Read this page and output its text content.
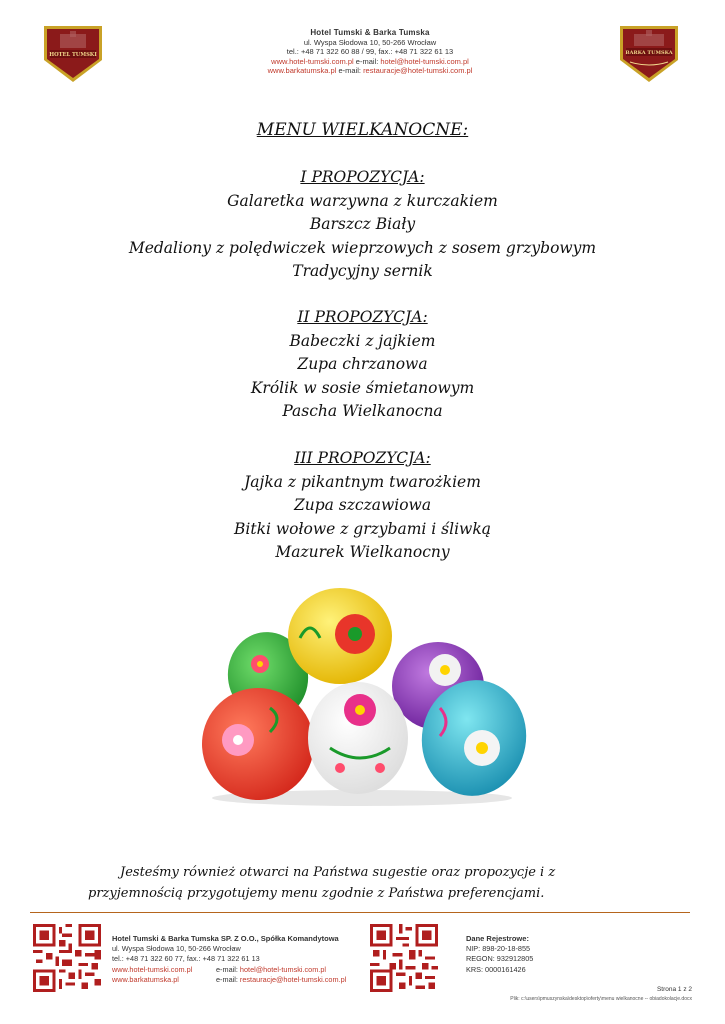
HOTEL TUMSKI	BARKA TUMSKA
Hotel Tumski & Barka Tumska
ul. Wyspa Słodowa 10, 50-266 Wrocław
tel.: +48 71 322 60 88 / 99, fax.: +48 71 322 61 13
www.hotel-tumski.com.pl e-mail: hotel@hotel-tumski.com.pl
www.barkatumska.pl e-mail: restauracje@hotel-tumski.com.pl
MENU WIELKANOCNE:
I PROPOZYCJA:
Galaretka warzywna z kurczakiem
Barszcz Biały
Medaliony z polędwiczek wieprzowych z sosem grzybowym
Tradycyjny sernik
II PROPOZYCJA:
Babeczki z jajkiem
Zupa chrzanowa
Królik w sosie śmietanowym
Pascha Wielkanocna
III PROPOZYCJA:
Jajka z pikantnym twarożkiem
Zupa szczawiowa
Bitki wołowe z grzybami i śliwką
Mazurek Wielkanocny
Jesteśmy również otwarci na Państwa sugestie oraz propozycje i z
przyjemnością przygotujemy menu zgodnie z Państwa preferencjami.
Hotel Tumski & Barka Tumska SP. Z O.O., Spółka Komandytowa
ul. Wyspa Słodowa 10, 50-266 Wrocław
tel.: +48 71 322 60 77, fax.: +48 71 322 61 13
www.hotel-tumski.com.pl	e-mail: hotel@hotel-tumski.com.pl
www.barkatumska.pl	e-mail: restauracje@hotel-tumski.com.pl
Dane Rejestrowe:
NIP: 898-20-18-855
REGON: 932912805
KRS: 0000161426
Strona 1 z 2
Plik: c:\users\pmuszynska\desktop\oferty\menu wielkanocne -- obiadokolacje.docx
